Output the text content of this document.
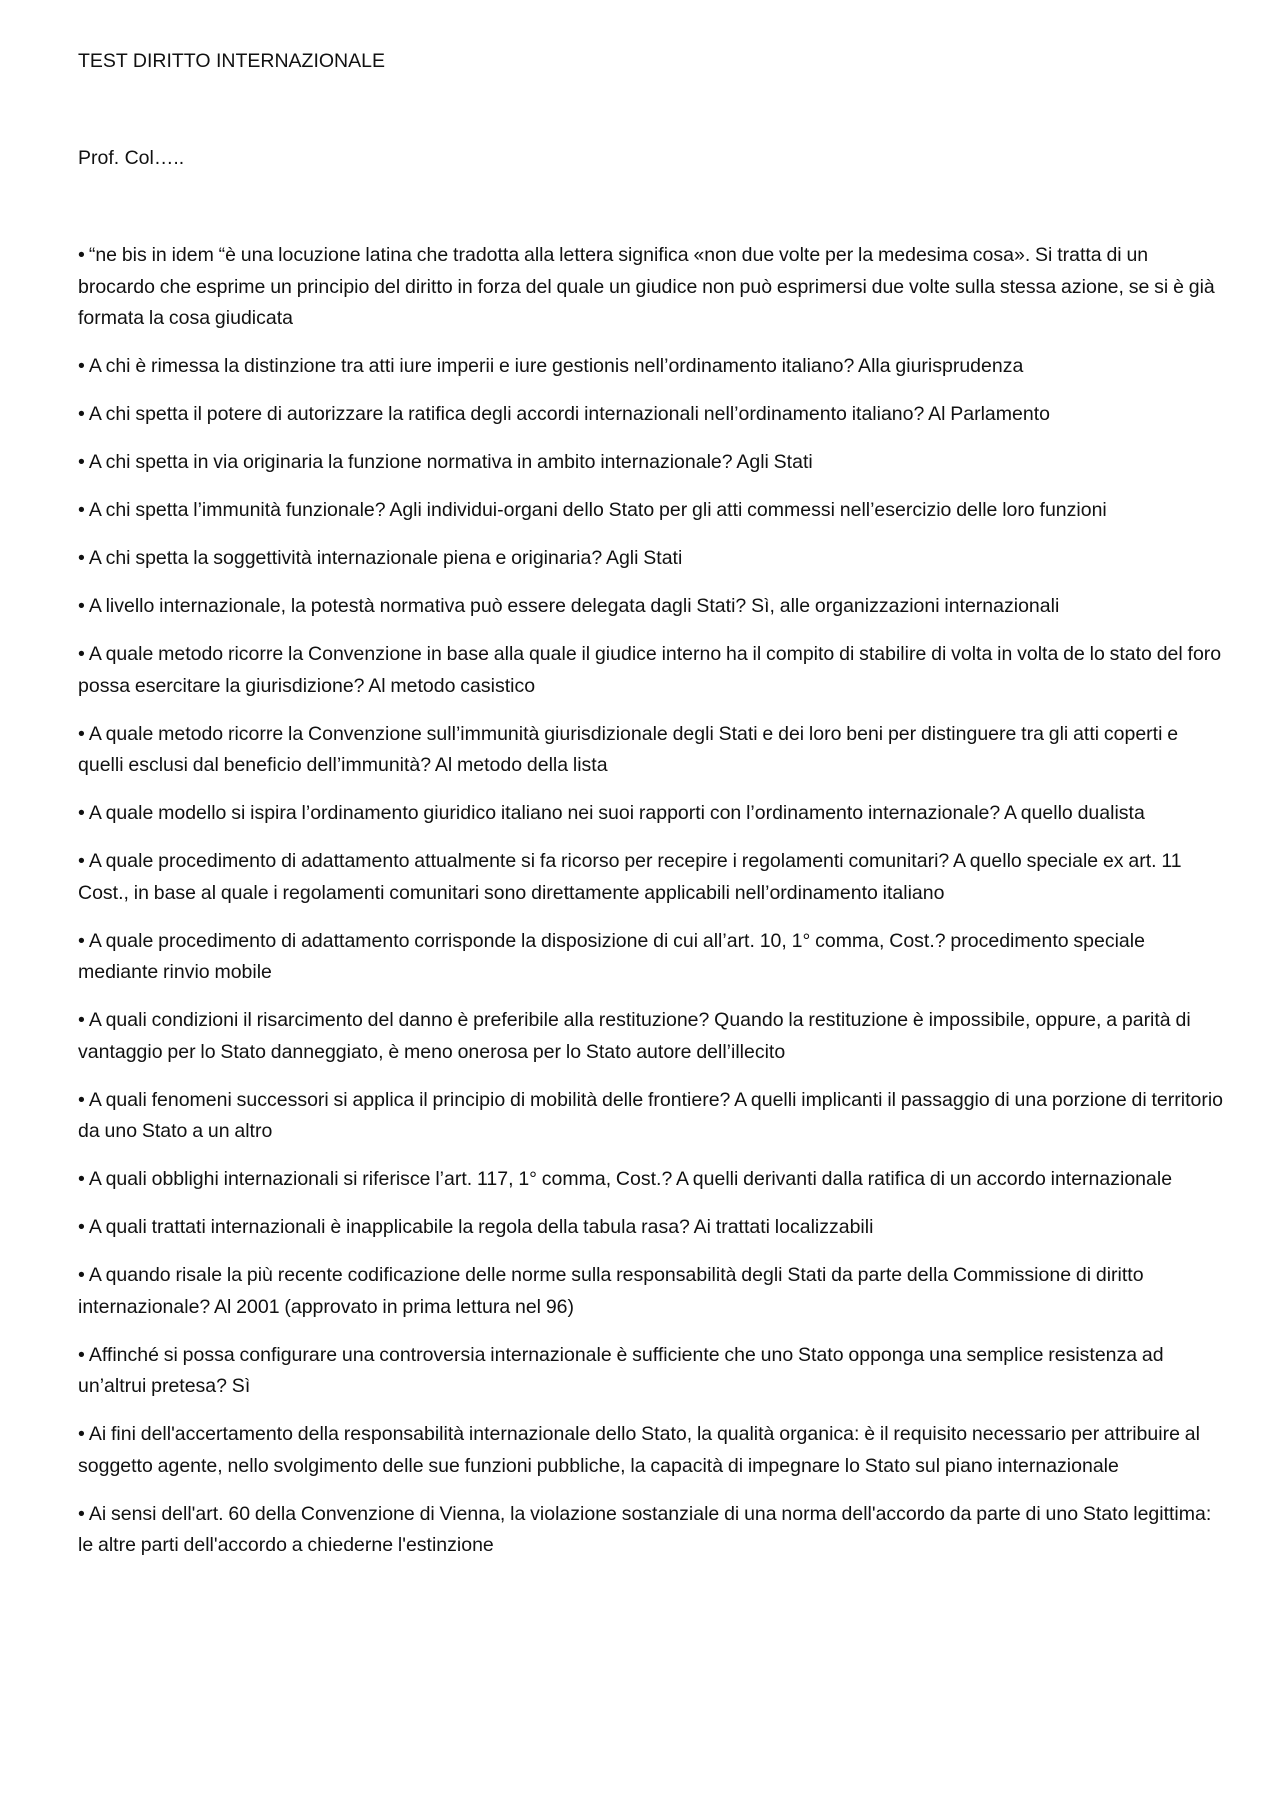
TEST DIRITTO INTERNAZIONALE

Prof. Col…..

• “ne bis in idem “è una locuzione latina che tradotta alla lettera significa «non due volte per la medesima cosa». Si tratta di un brocardo che esprime un principio del diritto in forza del quale un giudice non può esprimersi due volte sulla stessa azione, se si è già formata la cosa giudicata
• A chi è rimessa la distinzione tra atti iure imperii e iure gestionis nell’ordinamento italiano? Alla giurisprudenza
• A chi spetta il potere di autorizzare la ratifica degli accordi internazionali nell’ordinamento italiano? Al Parlamento
• A chi spetta in via originaria la funzione normativa in ambito internazionale? Agli Stati
• A chi spetta l’immunità funzionale? Agli individui-organi dello Stato per gli atti commessi nell’esercizio delle loro funzioni
• A chi spetta la soggettività internazionale piena e originaria? Agli Stati
• A livello internazionale, la potestà normativa può essere delegata dagli Stati? Sì, alle organizzazioni internazionali
• A quale metodo ricorre la Convenzione in base alla quale il giudice interno ha il compito di stabilire di volta in volta de lo stato del foro possa esercitare la giurisdizione? Al metodo casistico
• A quale metodo ricorre la Convenzione sull’immunità giurisdizionale degli Stati e dei loro beni per distinguere tra gli atti coperti e quelli esclusi dal beneficio dell’immunità? Al metodo della lista
• A quale modello si ispira l’ordinamento giuridico italiano nei suoi rapporti con l’ordinamento internazionale? A quello dualista
• A quale procedimento di adattamento attualmente si fa ricorso per recepire i regolamenti comunitari? A quello speciale ex art. 11 Cost., in base al quale i regolamenti comunitari sono direttamente applicabili nell’ordinamento italiano
• A quale procedimento di adattamento corrisponde la disposizione di cui all’art. 10, 1° comma, Cost.? procedimento speciale mediante rinvio mobile
• A quali condizioni il risarcimento del danno è preferibile alla restituzione? Quando la restituzione è impossibile, oppure, a parità di vantaggio per lo Stato danneggiato, è meno onerosa per lo Stato autore dell’illecito
• A quali fenomeni successori si applica il principio di mobilità delle frontiere? A quelli implicanti il passaggio di una porzione di territorio da uno Stato a un altro
• A quali obblighi internazionali si riferisce l’art. 117, 1° comma, Cost.? A quelli derivanti dalla ratifica di un accordo internazionale
• A quali trattati internazionali è inapplicabile la regola della tabula rasa? Ai trattati localizzabili
• A quando risale la più recente codificazione delle norme sulla responsabilità degli Stati da parte della Commissione di diritto internazionale? Al 2001 (approvato in prima lettura nel 96)
• Affinché si possa configurare una controversia internazionale è sufficiente che uno Stato opponga una semplice resistenza ad un’altrui pretesa? Sì
• Ai fini dell'accertamento della responsabilità internazionale dello Stato, la qualità organica: è il requisito necessario per attribuire al soggetto agente, nello svolgimento delle sue funzioni pubbliche, la capacità di impegnare lo Stato sul piano internazionale
• Ai sensi dell'art. 60 della Convenzione di Vienna, la violazione sostanziale di una norma dell'accordo da parte di uno Stato legittima: le altre parti dell'accordo a chiederne l'estinzione
